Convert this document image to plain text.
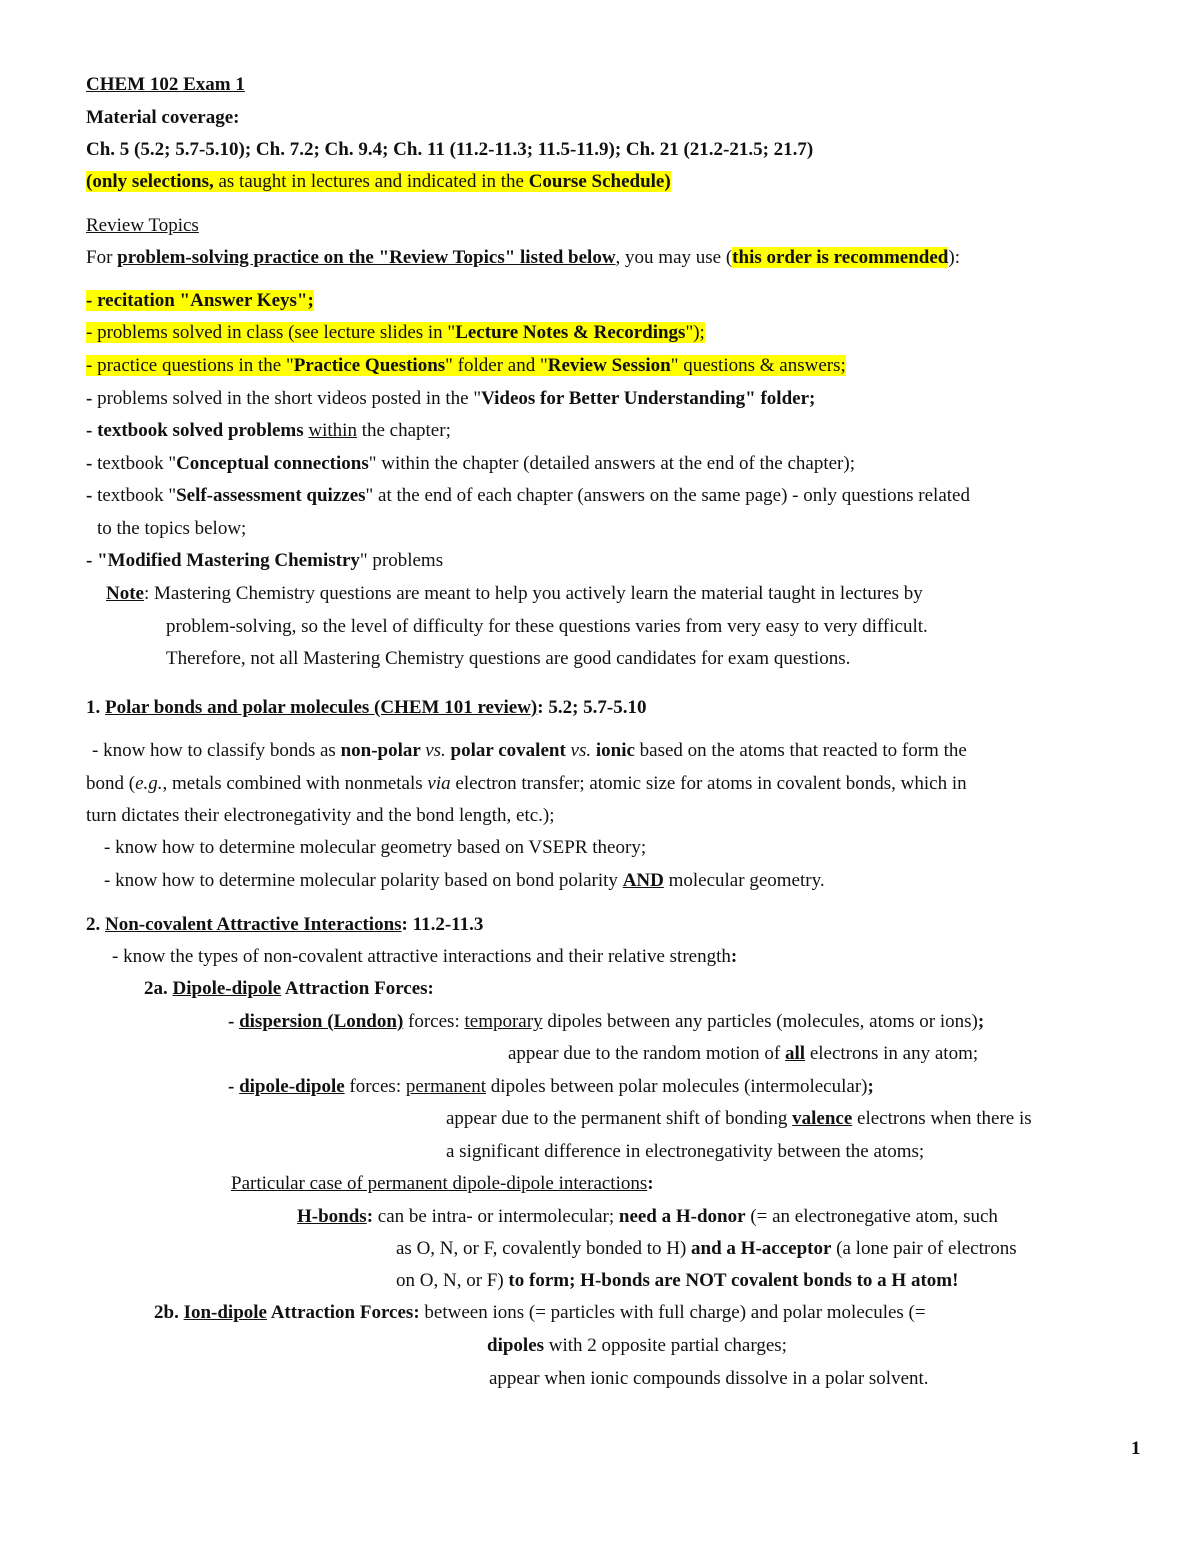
CHEM 102 Exam 1
Material coverage:
Ch. 5 (5.2; 5.7-5.10); Ch. 7.2; Ch. 9.4; Ch. 11 (11.2-11.3; 11.5-11.9); Ch. 21 (21.2-21.5; 21.7)
(only selections, as taught in lectures and indicated in the Course Schedule)
Review Topics
For problem-solving practice on the "Review Topics" listed below, you may use (this order is recommended):
- recitation "Answer Keys";
- problems solved in class (see lecture slides in "Lecture Notes & Recordings");
- practice questions in the "Practice Questions" folder and "Review Session" questions & answers;
- problems solved in the short videos posted in the "Videos for Better Understanding" folder;
- textbook solved problems within the chapter;
- textbook "Conceptual connections" within the chapter (detailed answers at the end of the chapter);
- textbook "Self-assessment quizzes" at the end of each chapter (answers on the same page) - only questions related
to the topics below;
- "Modified Mastering Chemistry" problems
Note: Mastering Chemistry questions are meant to help you actively learn the material taught in lectures by
problem-solving, so the level of difficulty for these questions varies from very easy to very difficult.
Therefore, not all Mastering Chemistry questions are good candidates for exam questions.
1. Polar bonds and polar molecules (CHEM 101 review): 5.2; 5.7-5.10
- know how to classify bonds as non-polar vs. polar covalent vs. ionic based on the atoms that reacted to form the
bond (e.g., metals combined with nonmetals via electron transfer; atomic size for atoms in covalent bonds, which in
turn dictates their electronegativity and the bond length, etc.);
- know how to determine molecular geometry based on VSEPR theory;
- know how to determine molecular polarity based on bond polarity AND molecular geometry.
2. Non-covalent Attractive Interactions: 11.2-11.3
- know the types of non-covalent attractive interactions and their relative strength:
2a. Dipole-dipole Attraction Forces:
- dispersion (London) forces: temporary dipoles between any particles (molecules, atoms or ions);
appear due to the random motion of all electrons in any atom;
- dipole-dipole forces: permanent dipoles between polar molecules (intermolecular);
appear due to the permanent shift of bonding valence electrons when there is
a significant difference in electronegativity between the atoms;
Particular case of permanent dipole-dipole interactions:
H-bonds: can be intra- or intermolecular; need a H-donor (= an electronegative atom, such
as O, N, or F, covalently bonded to H) and a H-acceptor (a lone pair of electrons
on O, N, or F) to form; H-bonds are NOT covalent bonds to a H atom!
2b. Ion-dipole Attraction Forces: between ions (= particles with full charge) and polar molecules (=
dipoles with 2 opposite partial charges;
appear when ionic compounds dissolve in a polar solvent.
1
